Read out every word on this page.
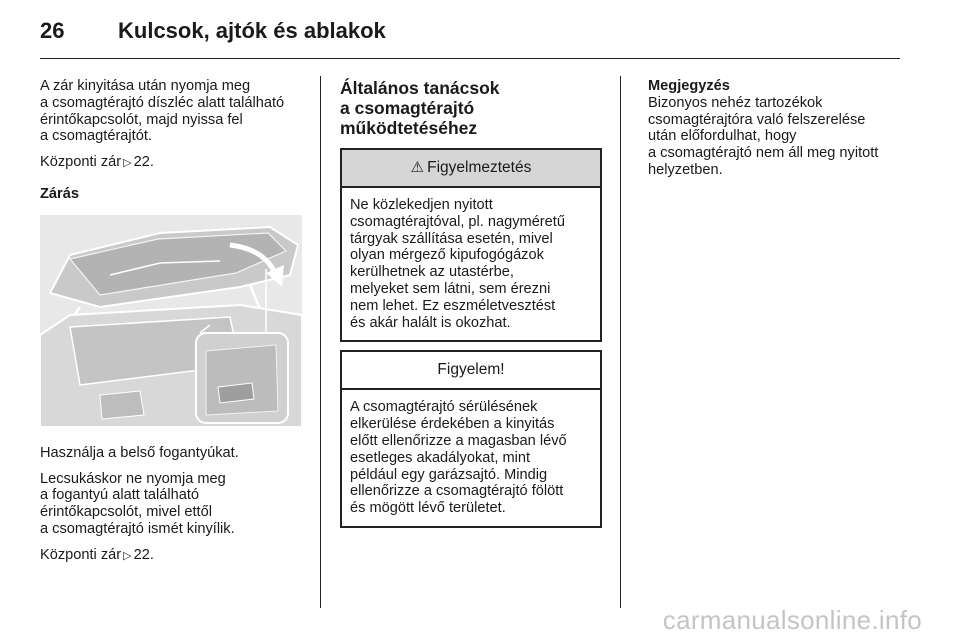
26	Kulcsok, ajtók és ablakok

A zár kinyitása után nyomja meg
a csomagtérajtó díszléc alatt található
érintőkapcsolót, majd nyissa fel
a csomagtérajtót.

Központi zár ▷ 22.

Zárás

Használja a belső fogantyúkat.

Lecsukáskor ne nyomja meg
a fogantyú alatt található
érintőkapcsolót, mivel ettől
a csomagtérajtó ismét kinyílik.

Központi zár ▷ 22.

Általános tanácsok
a csomagtérajtó
működtetéséhez
⚠ Figyelmeztetés
Ne közlekedjen nyitott
csomagtérajtóval, pl. nagyméretű
tárgyak szállítása esetén, mivel
olyan mérgező kipufogógázok
kerülhetnek az utastérbe,
melyeket sem látni, sem érezni
nem lehet. Ez eszméletvesztést
és akár halált is okozhat.
Figyelem!
A csomagtérajtó sérülésének
elkerülése érdekében a kinyitás
előtt ellenőrizze a magasban lévő
esetleges akadályokat, mint
például egy garázsajtó. Mindig
ellenőrizze a csomagtérajtó fölött
és mögött lévő területet.
Megjegyzés
Bizonyos nehéz tartozékok
csomagtérajtóra való felszerelése
után előfordulhat, hogy
a csomagtérajtó nem áll meg nyitott
helyzetben.
carmanualsonline.info
